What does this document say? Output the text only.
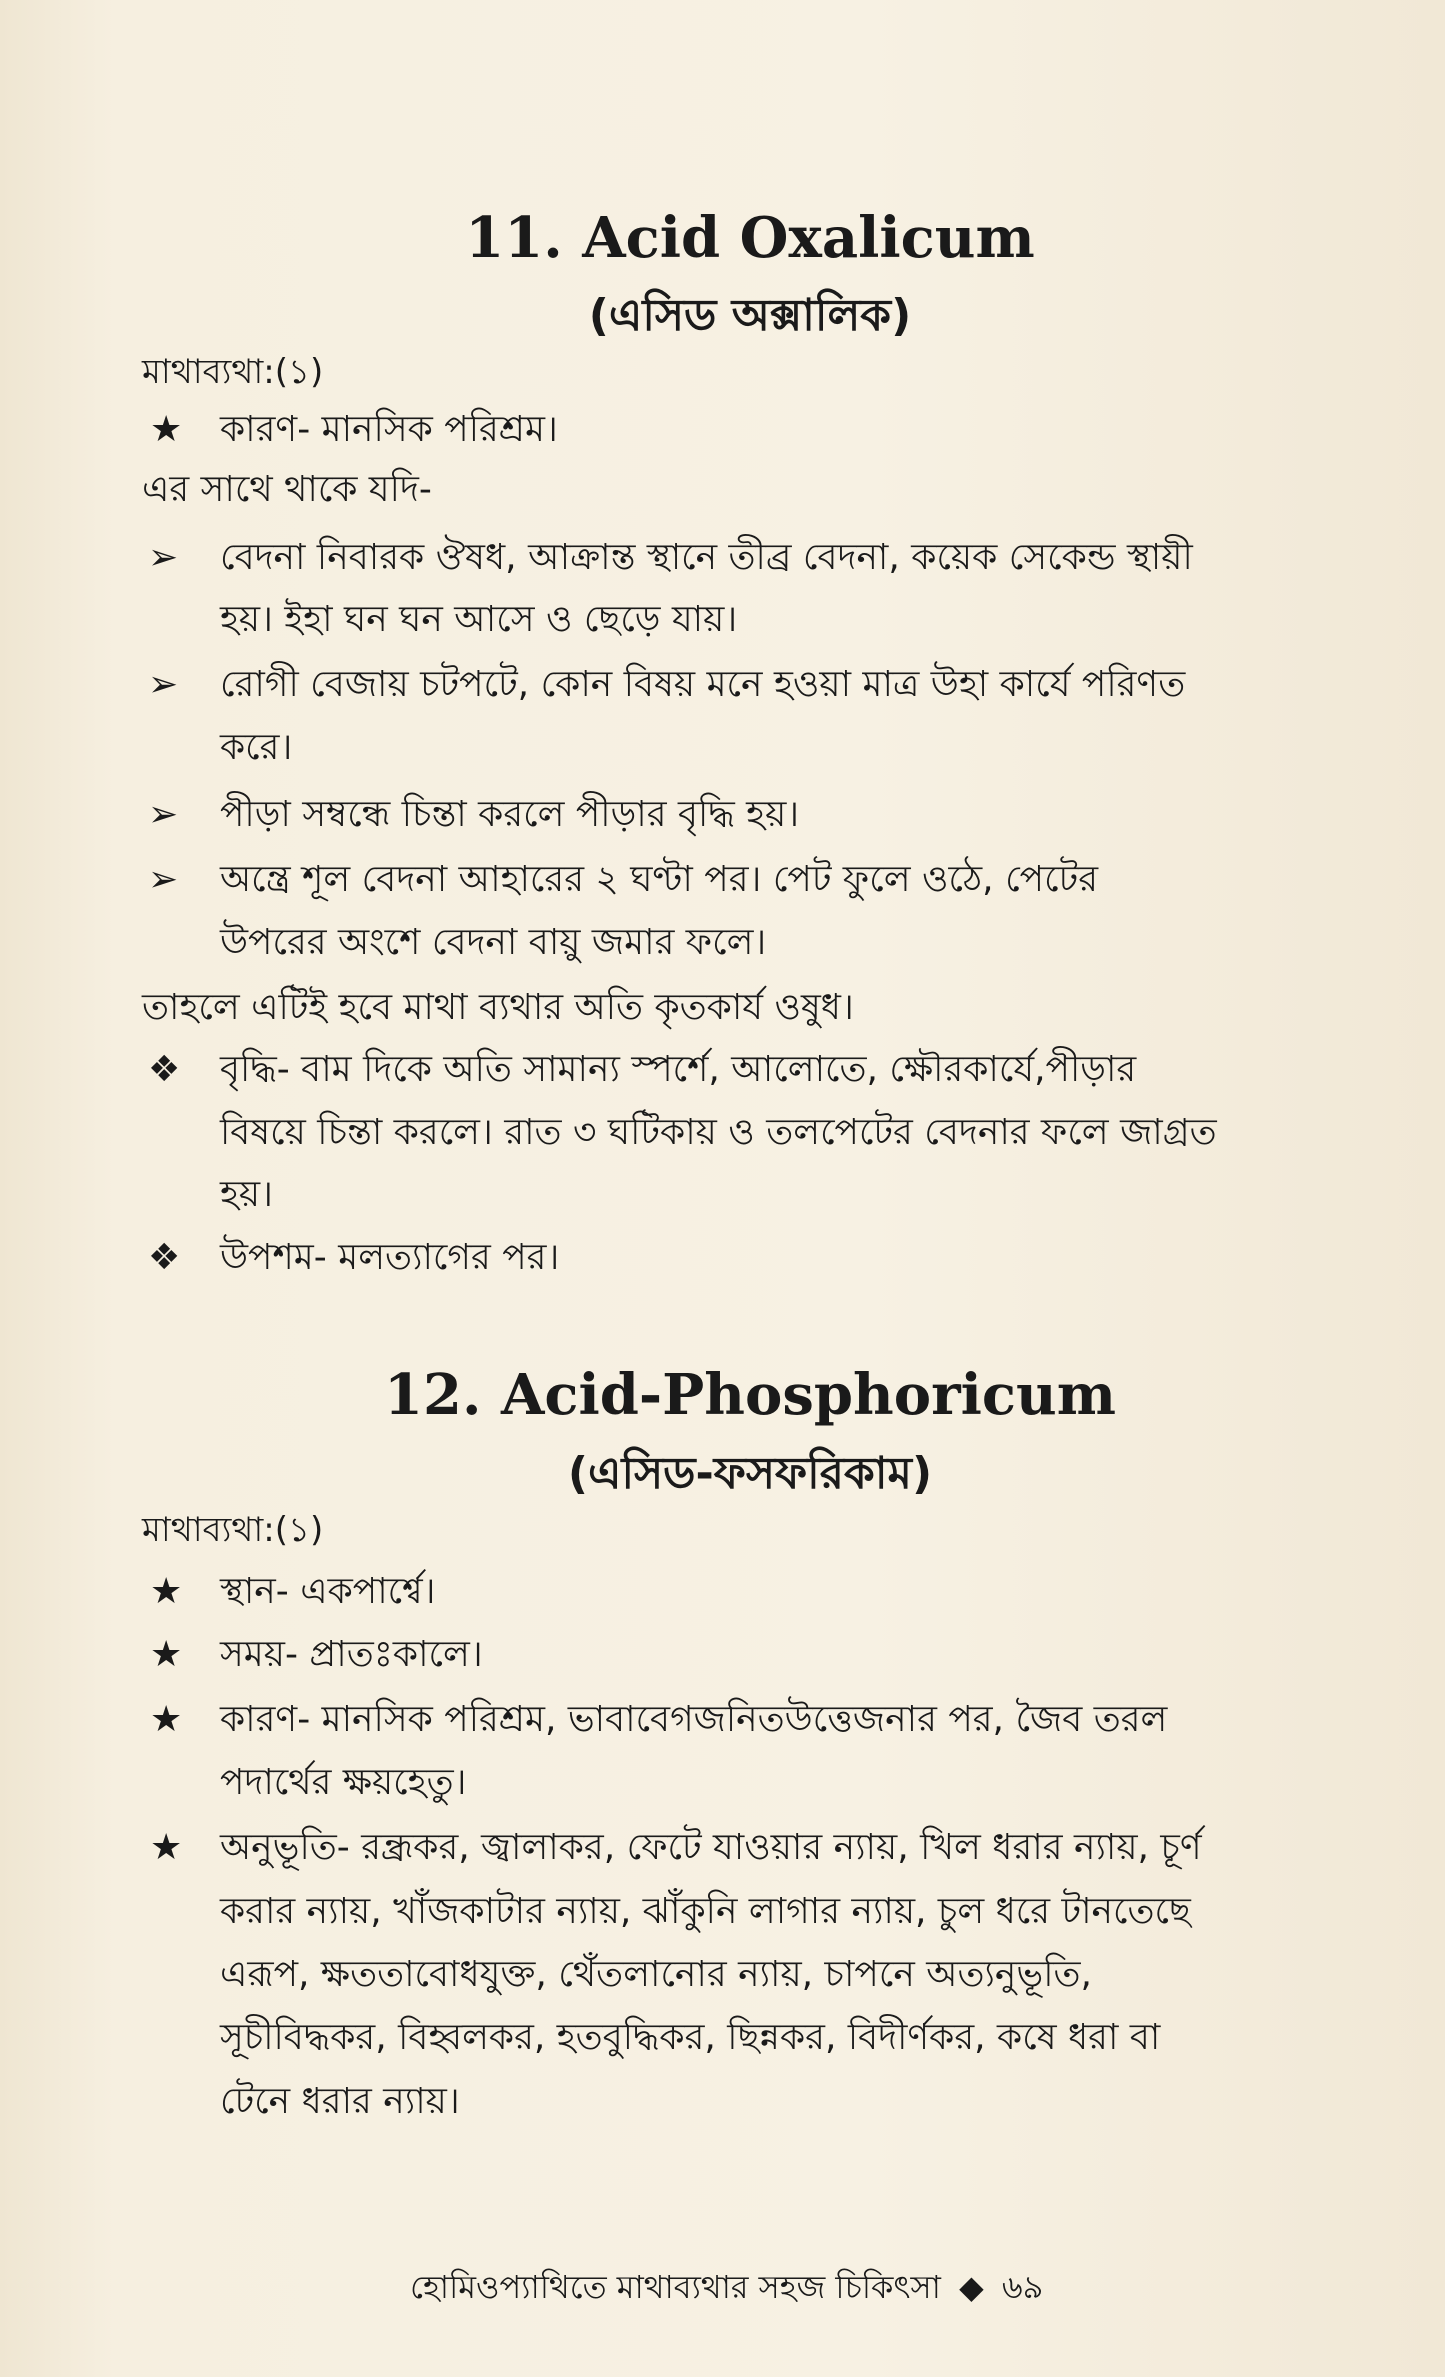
11. Acid Oxalicum
(এসিড অক্সালিক)
মাথাব্যথা:(১)
★ কারণ- মানসিক পরিশ্রম।
এর সাথে থাকে যদি-
➢ বেদনা নিবারক ঔষধ, আক্রান্ত স্থানে তীব্র বেদনা, কয়েক সেকেন্ড স্থায়ী
হয়। ইহা ঘন ঘন আসে ও ছেড়ে যায়।
➢ রোগী বেজায় চটপটে, কোন বিষয় মনে হওয়া মাত্র উহা কার্যে পরিণত
করে।
➢ পীড়া সম্বন্ধে চিন্তা করলে পীড়ার বৃদ্ধি হয়।
➢ অন্ত্রে শূল বেদনা আহারের ২ ঘণ্টা পর। পেট ফুলে ওঠে, পেটের
উপরের অংশে বেদনা বায়ু জমার ফলে।
তাহলে এটিই হবে মাথা ব্যথার অতি কৃতকার্য ওষুধ।
❖ বৃদ্ধি- বাম দিকে অতি সামান্য স্পর্শে, আলোতে, ক্ষৌরকার্যে,পীড়ার
বিষয়ে চিন্তা করলে। রাত ৩ ঘটিকায় ও তলপেটের বেদনার ফলে জাগ্রত
হয়।
❖ উপশম- মলত্যাগের পর।
12. Acid-Phosphoricum
(এসিড-ফসফরিকাম)
মাথাব্যথা:(১)
★ স্থান- একপার্শ্বে।
★ সময়- প্রাতঃকালে।
★ কারণ- মানসিক পরিশ্রম, ভাবাবেগজনিতউত্তেজনার পর, জৈব তরল
পদার্থের ক্ষয়হেতু।
★ অনুভূতি- রন্ধ্রকর, জ্বালাকর, ফেটে যাওয়ার ন্যায়, খিল ধরার ন্যায়, চূর্ণ
করার ন্যায়, খাঁজকাটার ন্যায়, ঝাঁকুনি লাগার ন্যায়, চুল ধরে টানতেছে
এরূপ, ক্ষততাবোধযুক্ত, থেঁতলানোর ন্যায়, চাপনে অত্যনুভূতি,
সূচীবিদ্ধকর, বিহ্বলকর, হতবুদ্ধিকর, ছিন্নকর, বিদীর্ণকর, কষে ধরা বা
টেনে ধরার ন্যায়।
হোমিওপ্যাথিতে মাথাব্যথার সহজ চিকিৎসা ◆ ৬৯
